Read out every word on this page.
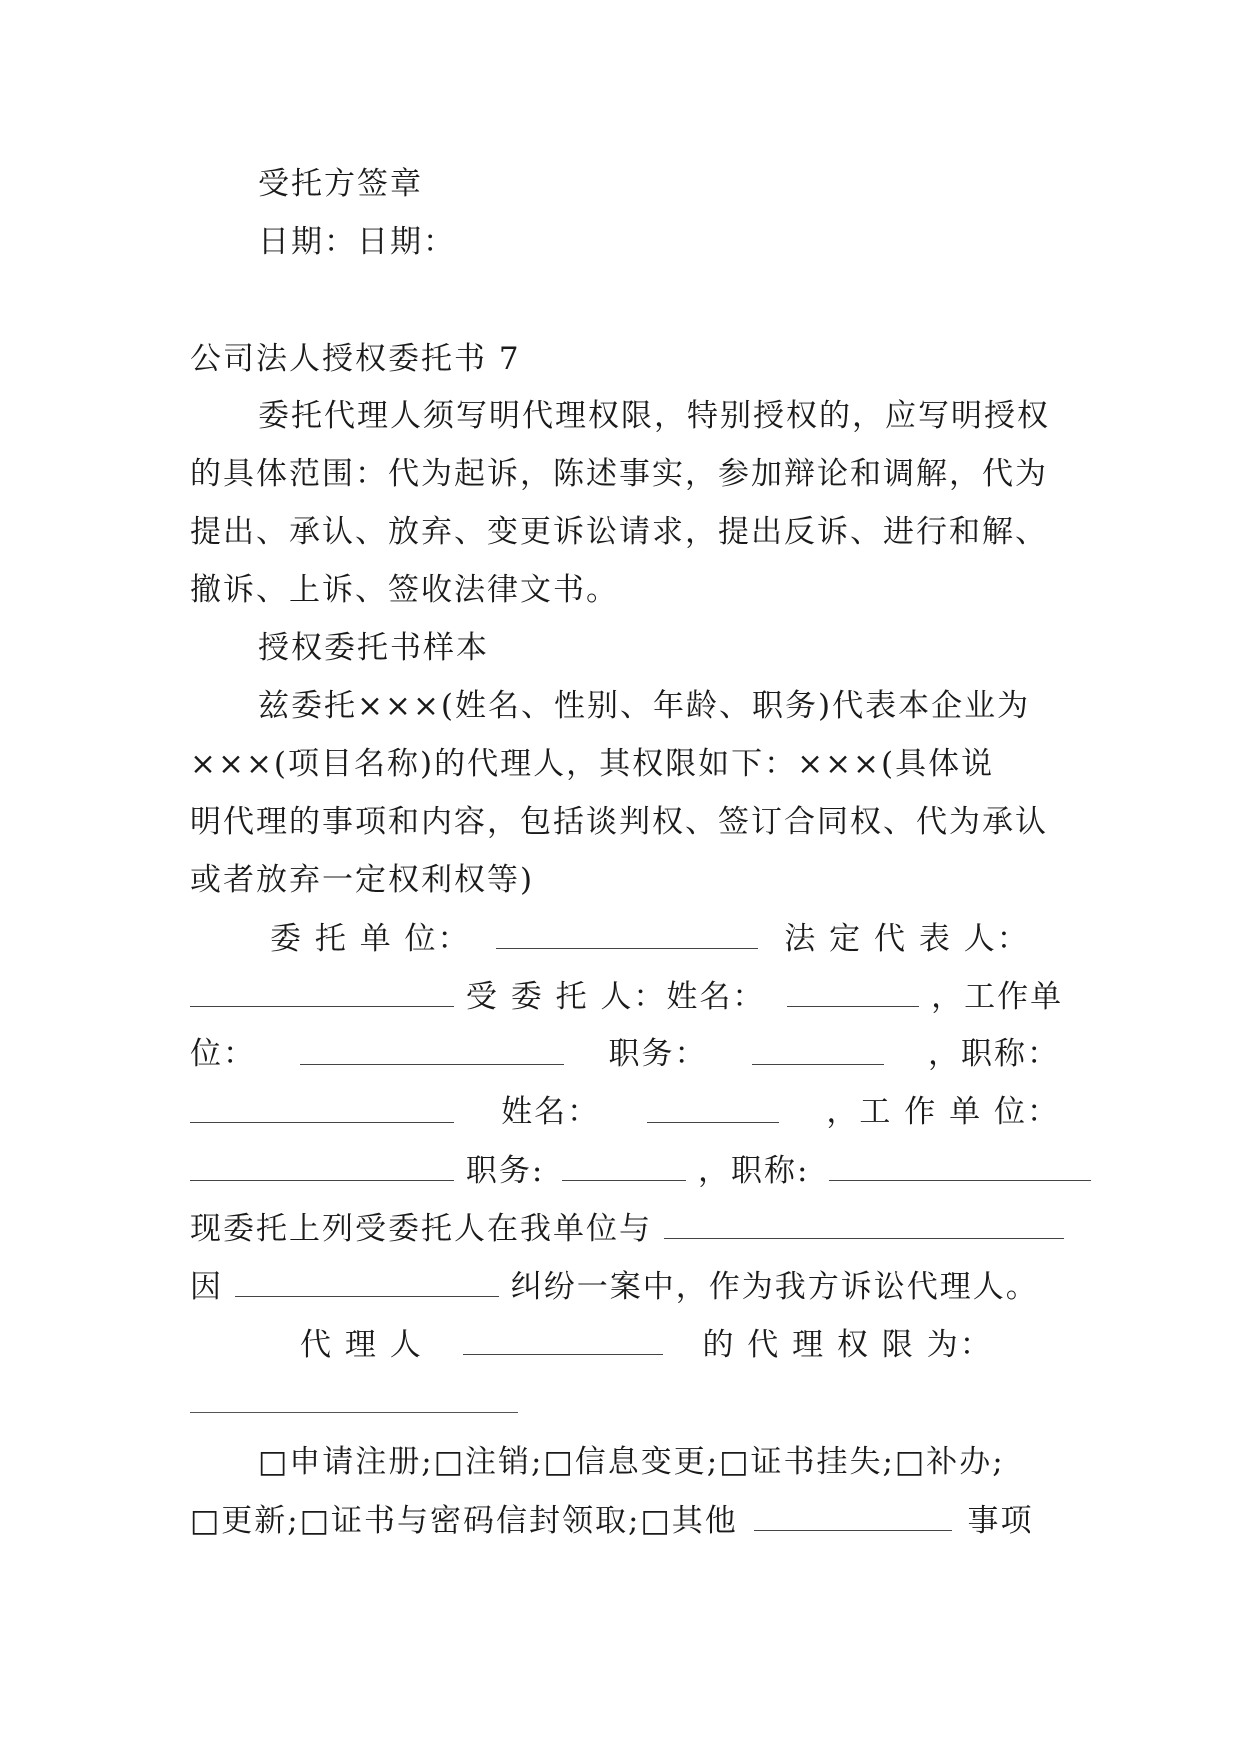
受托方签章
日期：日期：
公司法人授权委托书 7
委托代理人须写明代理权限，特别授权的，应写明授权
的具体范围：代为起诉，陈述事实，参加辩论和调解，代为
提出、承认、放弃、变更诉讼请求，提出反诉、进行和解、
撤诉、上诉、签收法律文书。
授权委托书样本
兹委托×××(姓名、性别、年龄、职务)代表本企业为
×××(项目名称)的代理人，其权限如下：×××(具体说
明代理的事项和内容，包括谈判权、签订合同权、代为承认
或者放弃一定权利权等)
委 托 单 位：	法 定 代 表 人：
受 委 托 人：姓名：	，工作单
位：	职务：	，职称：
姓名：	，工 作 单 位：
职务:	，职称:
现委托上列受委托人在我单位与
因	纠纷一案中，作为我方诉讼代理人。
代 理 人	的 代 理 权 限 为：
□申请注册;□注销;□信息变更;□证书挂失;□补办;
□更新;□证书与密码信封领取;□其他	事项
